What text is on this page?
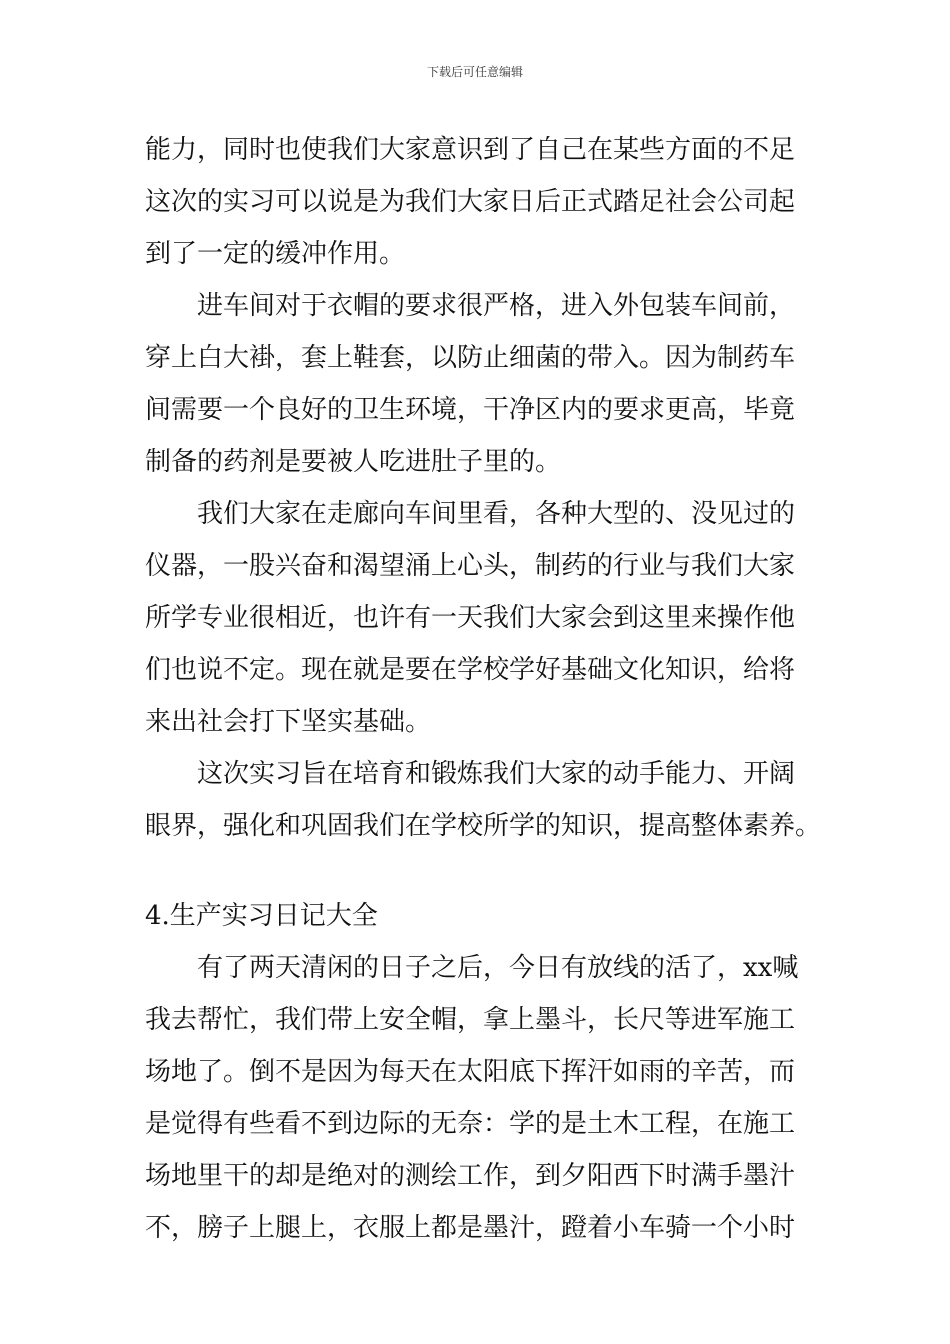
下载后可任意编辑
能力，同时也使我们大家意识到了自己在某些方面的不足
这次的实习可以说是为我们大家日后正式踏足社会公司起
到了一定的缓冲作用。
进车间对于衣帽的要求很严格，进入外包装车间前，
穿上白大褂，套上鞋套，以防止细菌的带入。因为制药车
间需要一个良好的卫生环境，干净区内的要求更高，毕竟
制备的药剂是要被人吃进肚子里的。
我们大家在走廊向车间里看，各种大型的、没见过的
仪器，一股兴奋和渴望涌上心头，制药的行业与我们大家
所学专业很相近，也许有一天我们大家会到这里来操作他
们也说不定。现在就是要在学校学好基础文化知识，给将
来出社会打下坚实基础。
这次实习旨在培育和锻炼我们大家的动手能力、开阔
眼界，强化和巩固我们在学校所学的知识，提高整体素养。
4.生产实习日记大全
有了两天清闲的日子之后，今日有放线的活了，xx喊
我去帮忙，我们带上安全帽，拿上墨斗，长尺等进军施工
场地了。倒不是因为每天在太阳底下挥汗如雨的辛苦，而
是觉得有些看不到边际的无奈：学的是土木工程，在施工
场地里干的却是绝对的测绘工作，到夕阳西下时满手墨汁
不，膀子上腿上，衣服上都是墨汁，蹬着小车骑一个小时
